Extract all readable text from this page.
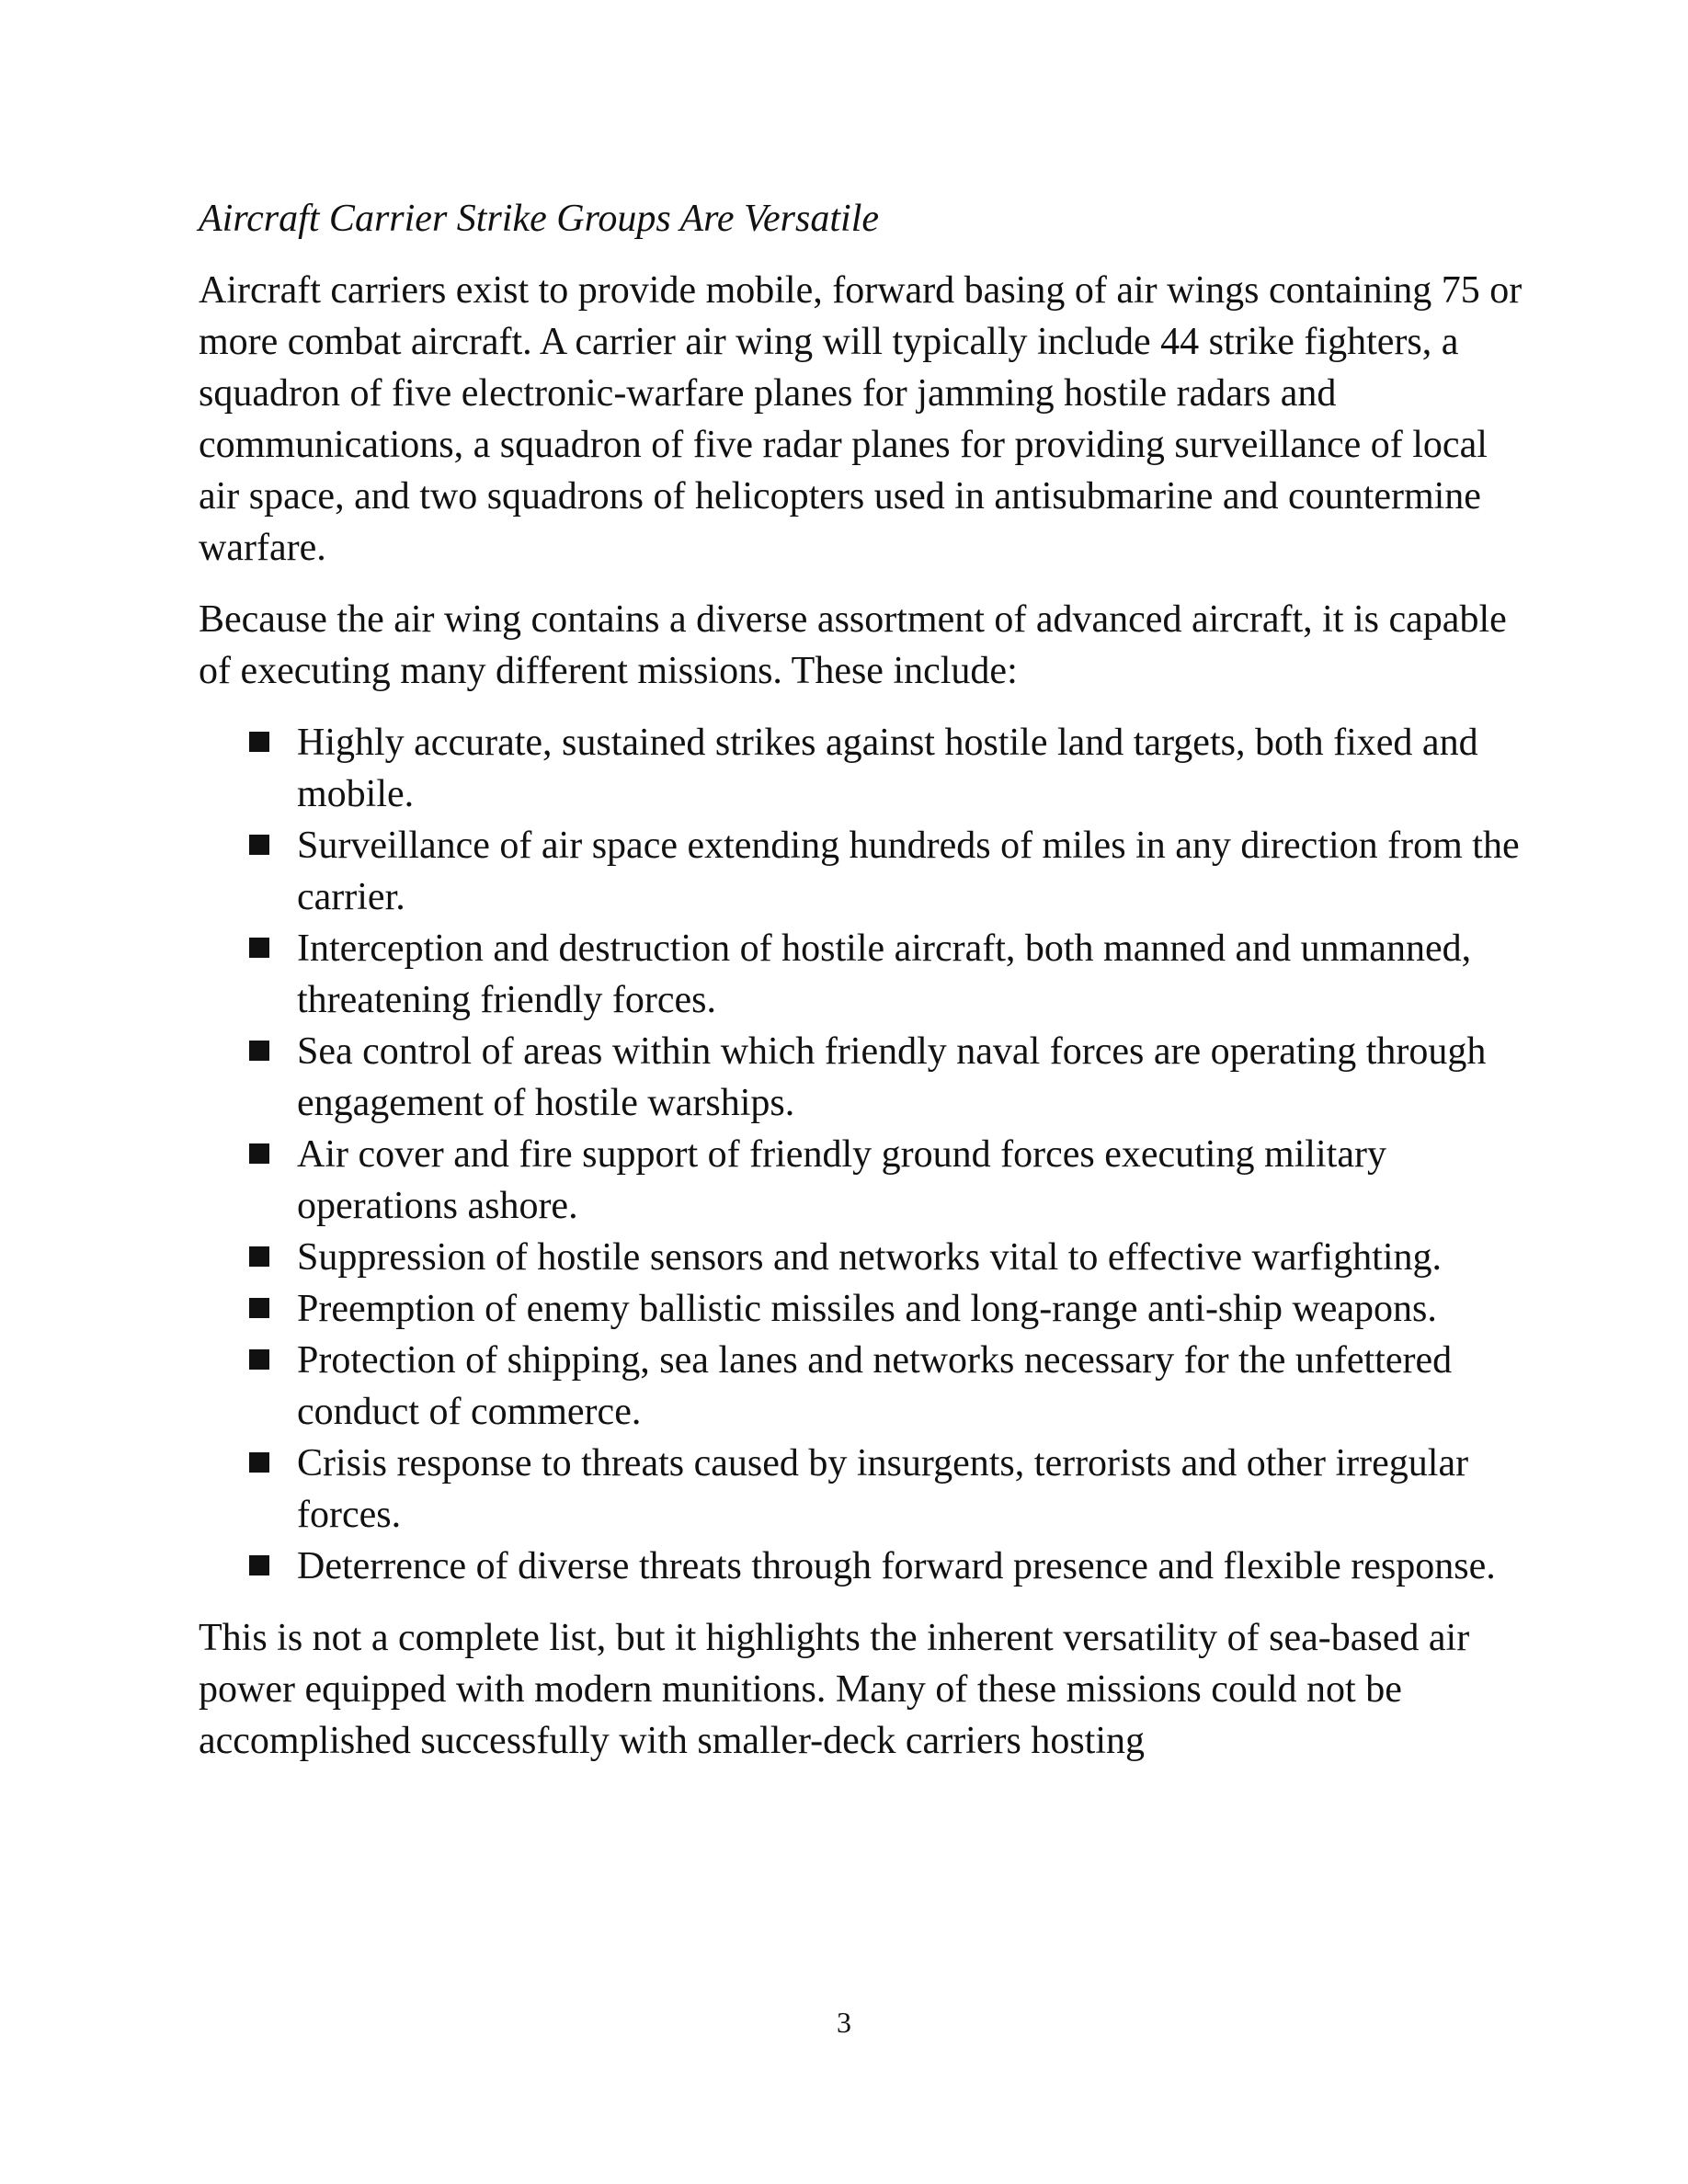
Aircraft Carrier Strike Groups Are Versatile

Aircraft carriers exist to provide mobile, forward basing of air wings containing 75 or more combat aircraft. A carrier air wing will typically include 44 strike fighters, a squadron of five electronic-warfare planes for jamming hostile radars and communications, a squadron of five radar planes for providing surveillance of local air space, and two squadrons of helicopters used in antisubmarine and countermine warfare.

Because the air wing contains a diverse assortment of advanced aircraft, it is capable of executing many different missions. These include:

Highly accurate, sustained strikes against hostile land targets, both fixed and mobile.
Surveillance of air space extending hundreds of miles in any direction from the carrier.
Interception and destruction of hostile aircraft, both manned and unmanned, threatening friendly forces.
Sea control of areas within which friendly naval forces are operating through engagement of hostile warships.
Air cover and fire support of friendly ground forces executing military operations ashore.
Suppression of hostile sensors and networks vital to effective warfighting.
Preemption of enemy ballistic missiles and long-range anti-ship weapons.
Protection of shipping, sea lanes and networks necessary for the unfettered conduct of commerce.
Crisis response to threats caused by insurgents, terrorists and other irregular forces.
Deterrence of diverse threats through forward presence and flexible response.

This is not a complete list, but it highlights the inherent versatility of sea-based air power equipped with modern munitions. Many of these missions could not be accomplished successfully with smaller-deck carriers hosting

3
